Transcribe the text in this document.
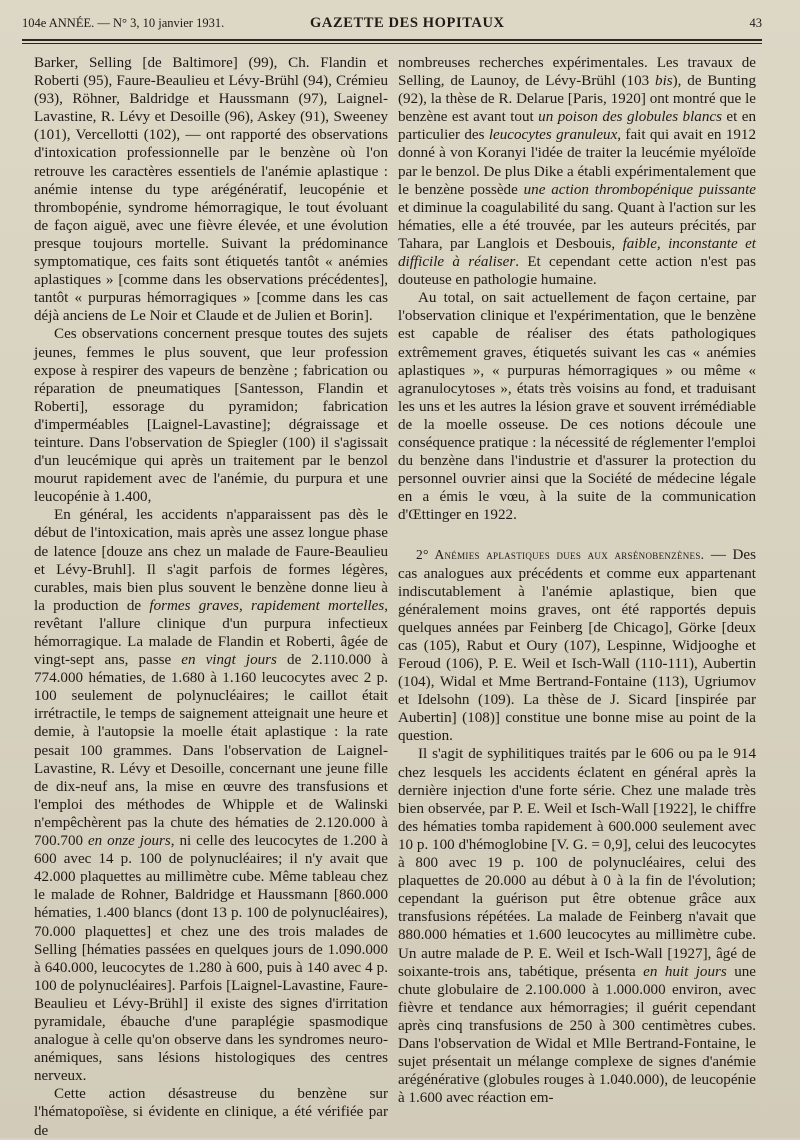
104e ANNÉE. — N° 3, 10 janvier 1931.	GAZETTE DES HOPITAUX	43

Barker, Selling [de Baltimore] (99), Ch. Flandin et Roberti (95), Faure-Beaulieu et Lévy-Brühl (94), Crémieu (93), Röhner, Baldridge et Haussmann (97), Laignel-Lavastine, R. Lévy et Desoille (96), Askey (91), Sweeney (101), Vercellotti (102), — ont rapporté des observations d'intoxication professionnelle par le benzène où l'on retrouve les caractères essentiels de l'anémie aplastique : anémie intense du type arégénératif, leucopénie et thrombopénie, syndrome hémorragique, le tout évoluant de façon aiguë, avec une fièvre élevée, et une évolution presque toujours mortelle. Suivant la prédominance symptomatique, ces faits sont étiquetés tantôt « anémies aplastiques » [comme dans les observations précédentes], tantôt « purpuras hémorragiques » [comme dans les cas déjà anciens de Le Noir et Claude et de Julien et Borin].

Ces observations concernent presque toutes des sujets jeunes, femmes le plus souvent, que leur profession expose à respirer des vapeurs de benzène ; fabrication ou réparation de pneumatiques [Santesson, Flandin et Roberti], essorage du pyramidon; fabrication d'imperméables [Laignel-Lavastine]; dégraissage et teinture. Dans l'observation de Spiegler (100) il s'agissait d'un leucémique qui après un traitement par le benzol mourut rapidement avec de l'anémie, du purpura et une leucopénie à 1.400,

En général, les accidents n'apparaissent pas dès le début de l'intoxication, mais après une assez longue phase de latence [douze ans chez un malade de Faure-Beaulieu et Lévy-Bruhl]. Il s'agit parfois de formes légères, curables, mais bien plus souvent le benzène donne lieu à la production de formes graves, rapidement mortelles, revêtant l'allure clinique d'un purpura infectieux hémorragique. La malade de Flandin et Roberti, âgée de vingt-sept ans, passe en vingt jours de 2.110.000 à 774.000 hématies, de 1.680 à 1.160 leucocytes avec 2 p. 100 seulement de polynucléaires; le caillot était irrétractile, le temps de saignement atteignait une heure et demie, à l'autopsie la moelle était aplastique : la rate pesait 100 grammes. Dans l'observation de Laignel-Lavastine, R. Lévy et Desoille, concernant une jeune fille de dix-neuf ans, la mise en œuvre des transfusions et l'emploi des méthodes de Whipple et de Walinski n'empêchèrent pas la chute des hématies de 2.120.000 à 700.700 en onze jours, ni celle des leucocytes de 1.200 à 600 avec 14 p. 100 de polynucléaires; il n'y avait que 42.000 plaquettes au millimètre cube. Même tableau chez le malade de Rohner, Baldridge et Haussmann [860.000 hématies, 1.400 blancs (dont 13 p. 100 de polynucléaires), 70.000 plaquettes] et chez une des trois malades de Selling [hématies passées en quelques jours de 1.090.000 à 640.000, leucocytes de 1.280 à 600, puis à 140 avec 4 p. 100 de polynucléaires]. Parfois [Laignel-Lavastine, Faure-Beaulieu et Lévy-Brühl] il existe des signes d'irritation pyramidale, ébauche d'une paraplégie spasmodique analogue à celle qu'on observe dans les syndromes neuro-anémiques, sans lésions histologiques des centres nerveux.

Cette action désastreuse du benzène sur l'hématopoïèse, si évidente en clinique, a été vérifiée par de

nombreuses recherches expérimentales. Les travaux de Selling, de Launoy, de Lévy-Brühl (103 bis), de Bunting (92), la thèse de R. Delarue [Paris, 1920] ont montré que le benzène est avant tout un poison des globules blancs et en particulier des leucocytes granuleux, fait qui avait en 1912 donné à von Koranyi l'idée de traiter la leucémie myéloïde par le benzol. De plus Dike a établi expérimentalement que le benzène possède une action thrombopénique puissante et diminue la coagulabilité du sang. Quant à l'action sur les hématies, elle a été trouvée, par les auteurs précités, par Tahara, par Langlois et Desbouis, faible, inconstante et difficile à réaliser. Et cependant cette action n'est pas douteuse en pathologie humaine.

Au total, on sait actuellement de façon certaine, par l'observation clinique et l'expérimentation, que le benzène est capable de réaliser des états pathologiques extrêmement graves, étiquetés suivant les cas « anémies aplastiques », « purpuras hémorragiques » ou même « agranulocytoses », états très voisins au fond, et traduisant les uns et les autres la lésion grave et souvent irrémédiable de la moelle osseuse. De ces notions découle une conséquence pratique : la nécessité de réglementer l'emploi du benzène dans l'industrie et d'assurer la protection du personnel ouvrier ainsi que la Société de médecine légale en a émis le vœu, à la suite de la communication d'Œttinger en 1922.

2° Anémies aplastiques dues aux arsénobenzènes. — Des cas analogues aux précédents et comme eux appartenant indiscutablement à l'anémie aplastique, bien que généralement moins graves, ont été rapportés depuis quelques années par Feinberg [de Chicago], Görke [deux cas (105), Rabut et Oury (107), Lespinne, Widjooghe et Feroud (106), P. E. Weil et Isch-Wall (110-111), Aubertin (104), Widal et Mme Bertrand-Fontaine (113), Ugriumov et Idelsohn (109). La thèse de J. Sicard [inspirée par Aubertin] (108)] constitue une bonne mise au point de la question.

Il s'agit de syphilitiques traités par le 606 ou pa le 914 chez lesquels les accidents éclatent en général après la dernière injection d'une forte série. Chez une malade très bien observée, par P. E. Weil et Isch-Wall [1922], le chiffre des hématies tomba rapidement à 600.000 seulement avec 10 p. 100 d'hémoglobine [V. G. = 0,9], celui des leucocytes à 800 avec 19 p. 100 de polynucléaires, celui des plaquettes de 20.000 au début à 0 à la fin de l'évolution; cependant la guérison put être obtenue grâce aux transfusions répétées. La malade de Feinberg n'avait que 880.000 hématies et 1.600 leucocytes au millimètre cube. Un autre malade de P. E. Weil et Isch-Wall [1927], âgé de soixante-trois ans, tabétique, présenta en huit jours une chute globulaire de 2.100.000 à 1.000.000 environ, avec fièvre et tendance aux hémorragies; il guérit cependant après cinq transfusions de 250 à 300 centimètres cubes. Dans l'observation de Widal et Mlle Bertrand-Fontaine, le sujet présentait un mélange complexe de signes d'anémie arégénérative (globules rouges à 1.040.000), de leucopénie à 1.600 avec réaction em-
